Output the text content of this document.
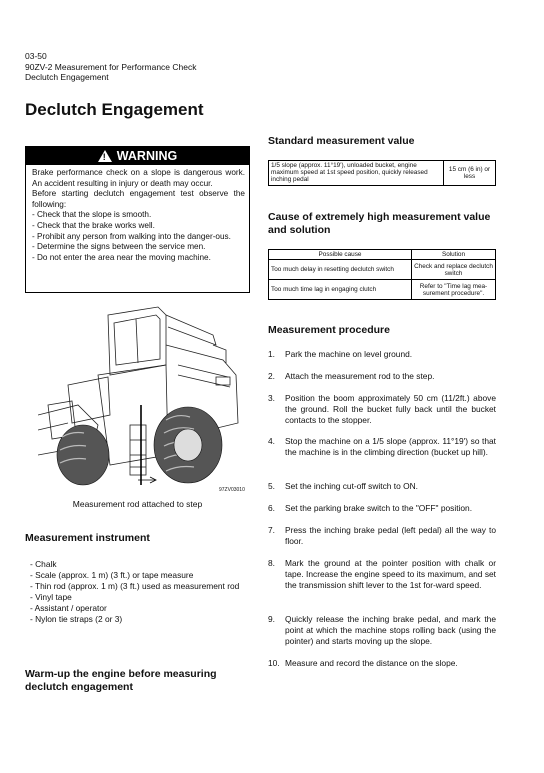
03-50
90ZV-2 Measurement for Performance Check
Declutch Engagement
Declutch Engagement
! WARNING
Brake performance check on a slope is dangerous work. An accident resulting in injury or death may occur.
Before starting declutch engagement test observe the following:
- Check that the slope is smooth.
- Check that the brake works well.
- Prohibit any person from walking into the danger-ous.
- Determine the signs between the service men.
- Do not enter the area near the moving machine.
97ZV03010
Measurement rod attached to step
Measurement instrument
- Chalk
- Scale (approx. 1 m) (3 ft.) or tape measure
- Thin rod (approx. 1 m) (3 ft.) used as measurement rod
- Vinyl tape
- Assistant / operator
- Nylon tie straps (2 or 3)
Warm-up the engine before measuring declutch engagement
Standard measurement value
1/5 slope (approx. 11°19'), unloaded bucket, engine maximum speed at 1st speed position, quickly released inching pedal	15 cm (6 in) or less
Cause of extremely high measurement value and solution
Possible cause	Solution
Too much delay in resetting declutch switch	Check and replace declutch switch
Too much time lag in engaging clutch	Refer to "Time lag mea-surement procedure".
Measurement procedure
1.	Park the machine on level ground.
2.	Attach the measurement rod to the step.
3.	Position the boom approximately 50 cm (11/2ft.) above the ground. Roll the bucket fully back until the bucket contacts to the stopper.
4.	Stop the machine on a 1/5 slope (approx. 11°19') so that the machine is in the climbing direction (bucket up hill).
5.	Set the inching cut-off switch to ON.
6.	Set the parking brake switch to the "OFF" position.
7.	Press the inching brake pedal (left pedal) all the way to floor.
8.	Mark the ground at the pointer position with chalk or tape. Increase the engine speed to its maximum, and set the transmission shift lever to the 1st for-ward speed.
9.	Quickly release the inching brake pedal, and mark the point at which the machine stops rolling back (using the pointer) and starts moving up the slope.
10. Measure and record the distance on the slope.
